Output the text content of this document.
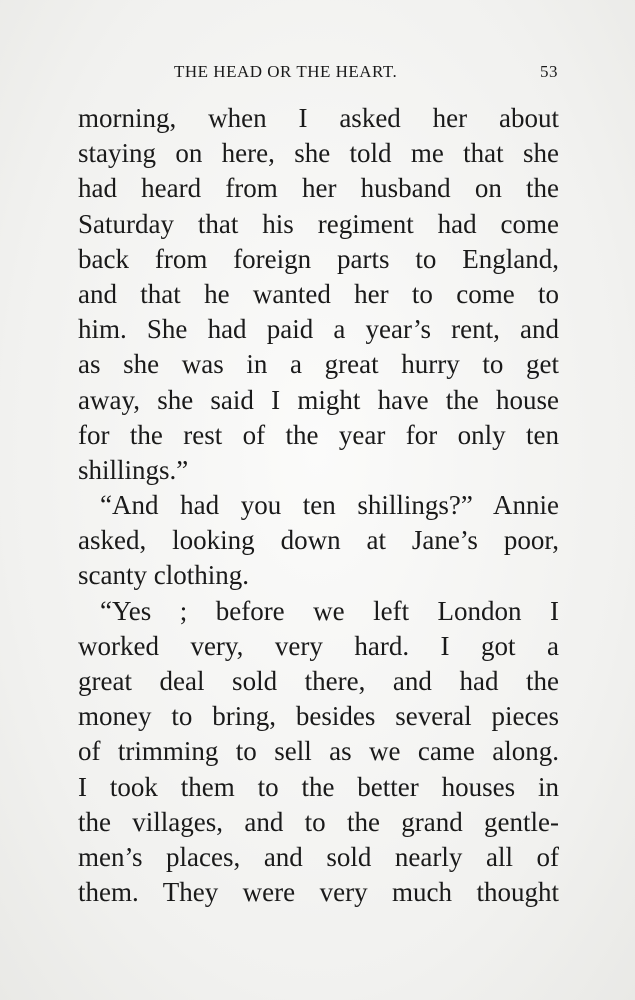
THE HEAD OR THE HEART.	53
morning, when I asked her about
staying on here, she told me that she
had heard from her husband on the
Saturday that his regiment had come
back from foreign parts to England,
and that he wanted her to come to
him. She had paid a year’s rent, and
as she was in a great hurry to get
away, she said I might have the house
for the rest of the year for only ten
shillings.”
“And had you ten shillings?” Annie
asked, looking down at Jane’s poor,
scanty clothing.
“Yes ; before we left London I
worked very, very hard. I got a
great deal sold there, and had the
money to bring, besides several pieces
of trimming to sell as we came along.
I took them to the better houses in
the villages, and to the grand gentle-
men’s places, and sold nearly all of
them. They were very much thought
